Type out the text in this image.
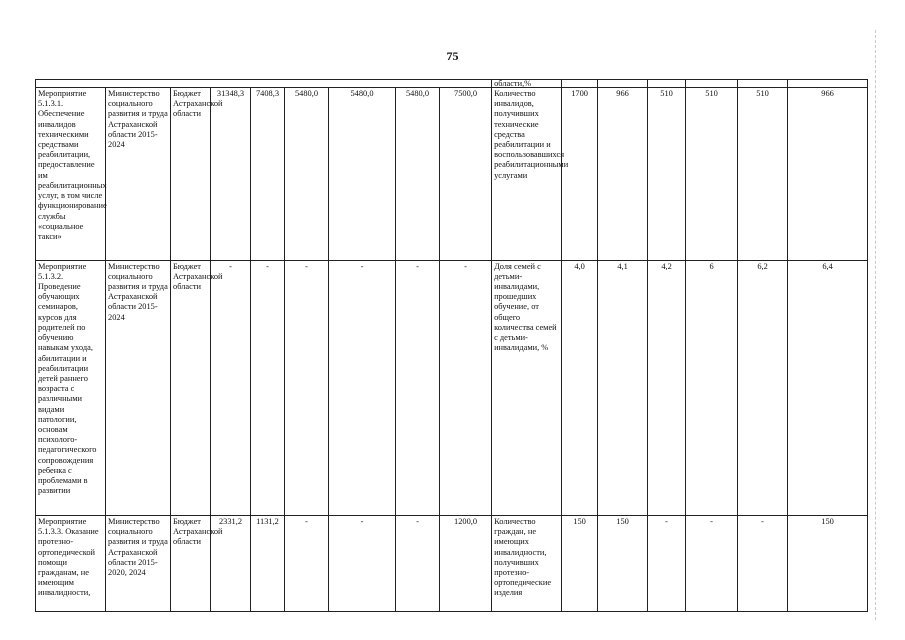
75
									области,%						
Мероприятие 5.1.3.1. Обеспечение инвалидов техническими средствами реабилитации, предоставление им реабилитационных услуг, в том числе функционирование службы «социальное такси»	Министерство социального развития и труда Астраханской области 2015-2024	Бюджет Астраханской области	31348,3	7408,3	5480,0	5480,0	5480,0	7500,0	Количество инвалидов, получивших технические средства реабилитации и воспользовавшихся реабилитационными услугами	1700	966	510	510	510	966
Мероприятие 5.1.3.2. Проведение обучающих семинаров, курсов для родителей по обучению навыкам ухода, абилитации и реабилитации детей раннего возраста с различными видами патологии, основам психолого-педагогического сопровождения ребенка с проблемами в развитии	Министерство социального развития и труда Астраханской области 2015-2024	Бюджет Астраханской области	-	-	-	-	-	-	Доля семей с детьми-инвалидами, прошедших обучение, от общего количества семей с детьми-инвалидами, %	4,0	4,1	4,2	6	6,2	6,4
Мероприятие 5.1.3.3. Оказание протезно-ортопедической помощи гражданам, не имеющим инвалидности,	Министерство социального развития и труда Астраханской области 2015- 2020, 2024	Бюджет Астраханской области	2331,2	1131,2	-	-	-	1200,0	Количество граждан, не имеющих инвалидности, получивших протезно-ортопедические изделия	150	150	-	-	-	150
